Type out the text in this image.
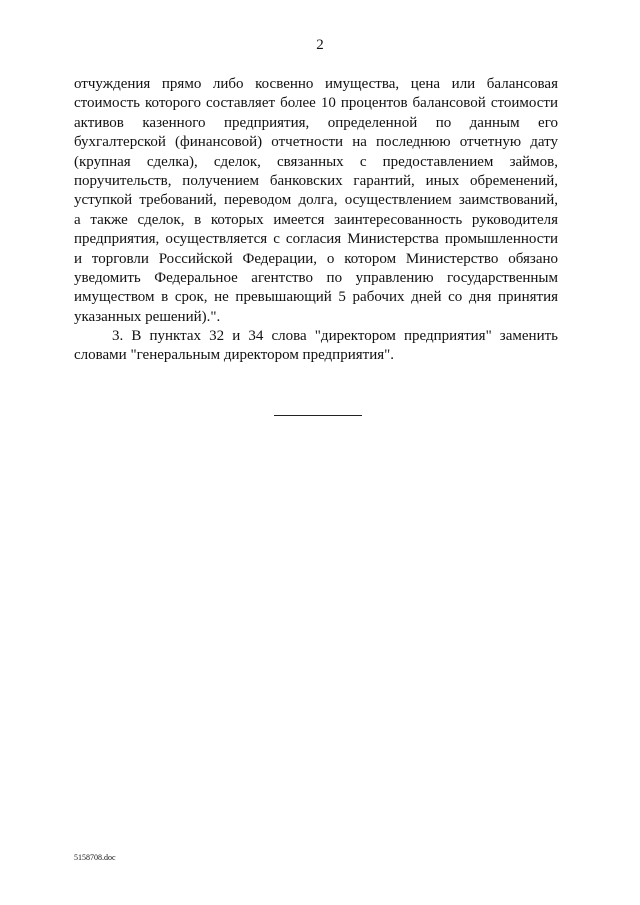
2
отчуждения прямо либо косвенно имущества, цена или балансовая
стоимость которого составляет более 10 процентов балансовой стоимости
активов казенного предприятия, определенной по данным его
бухгалтерской (финансовой) отчетности на последнюю отчетную дату
(крупная сделка), сделок, связанных с предоставлением займов,
поручительств, получением банковских гарантий, иных обременений,
уступкой требований, переводом долга, осуществлением заимствований,
а также сделок, в которых имеется заинтересованность руководителя
предприятия, осуществляется с согласия Министерства промышленности
и торговли Российской Федерации, о котором Министерство обязано
уведомить Федеральное агентство по управлению государственным
имуществом в срок, не превышающий 5 рабочих дней со дня принятия
указанных решений).".
3. В пунктах 32 и 34 слова "директором предприятия" заменить
словами "генеральным директором предприятия".
5158708.doc
